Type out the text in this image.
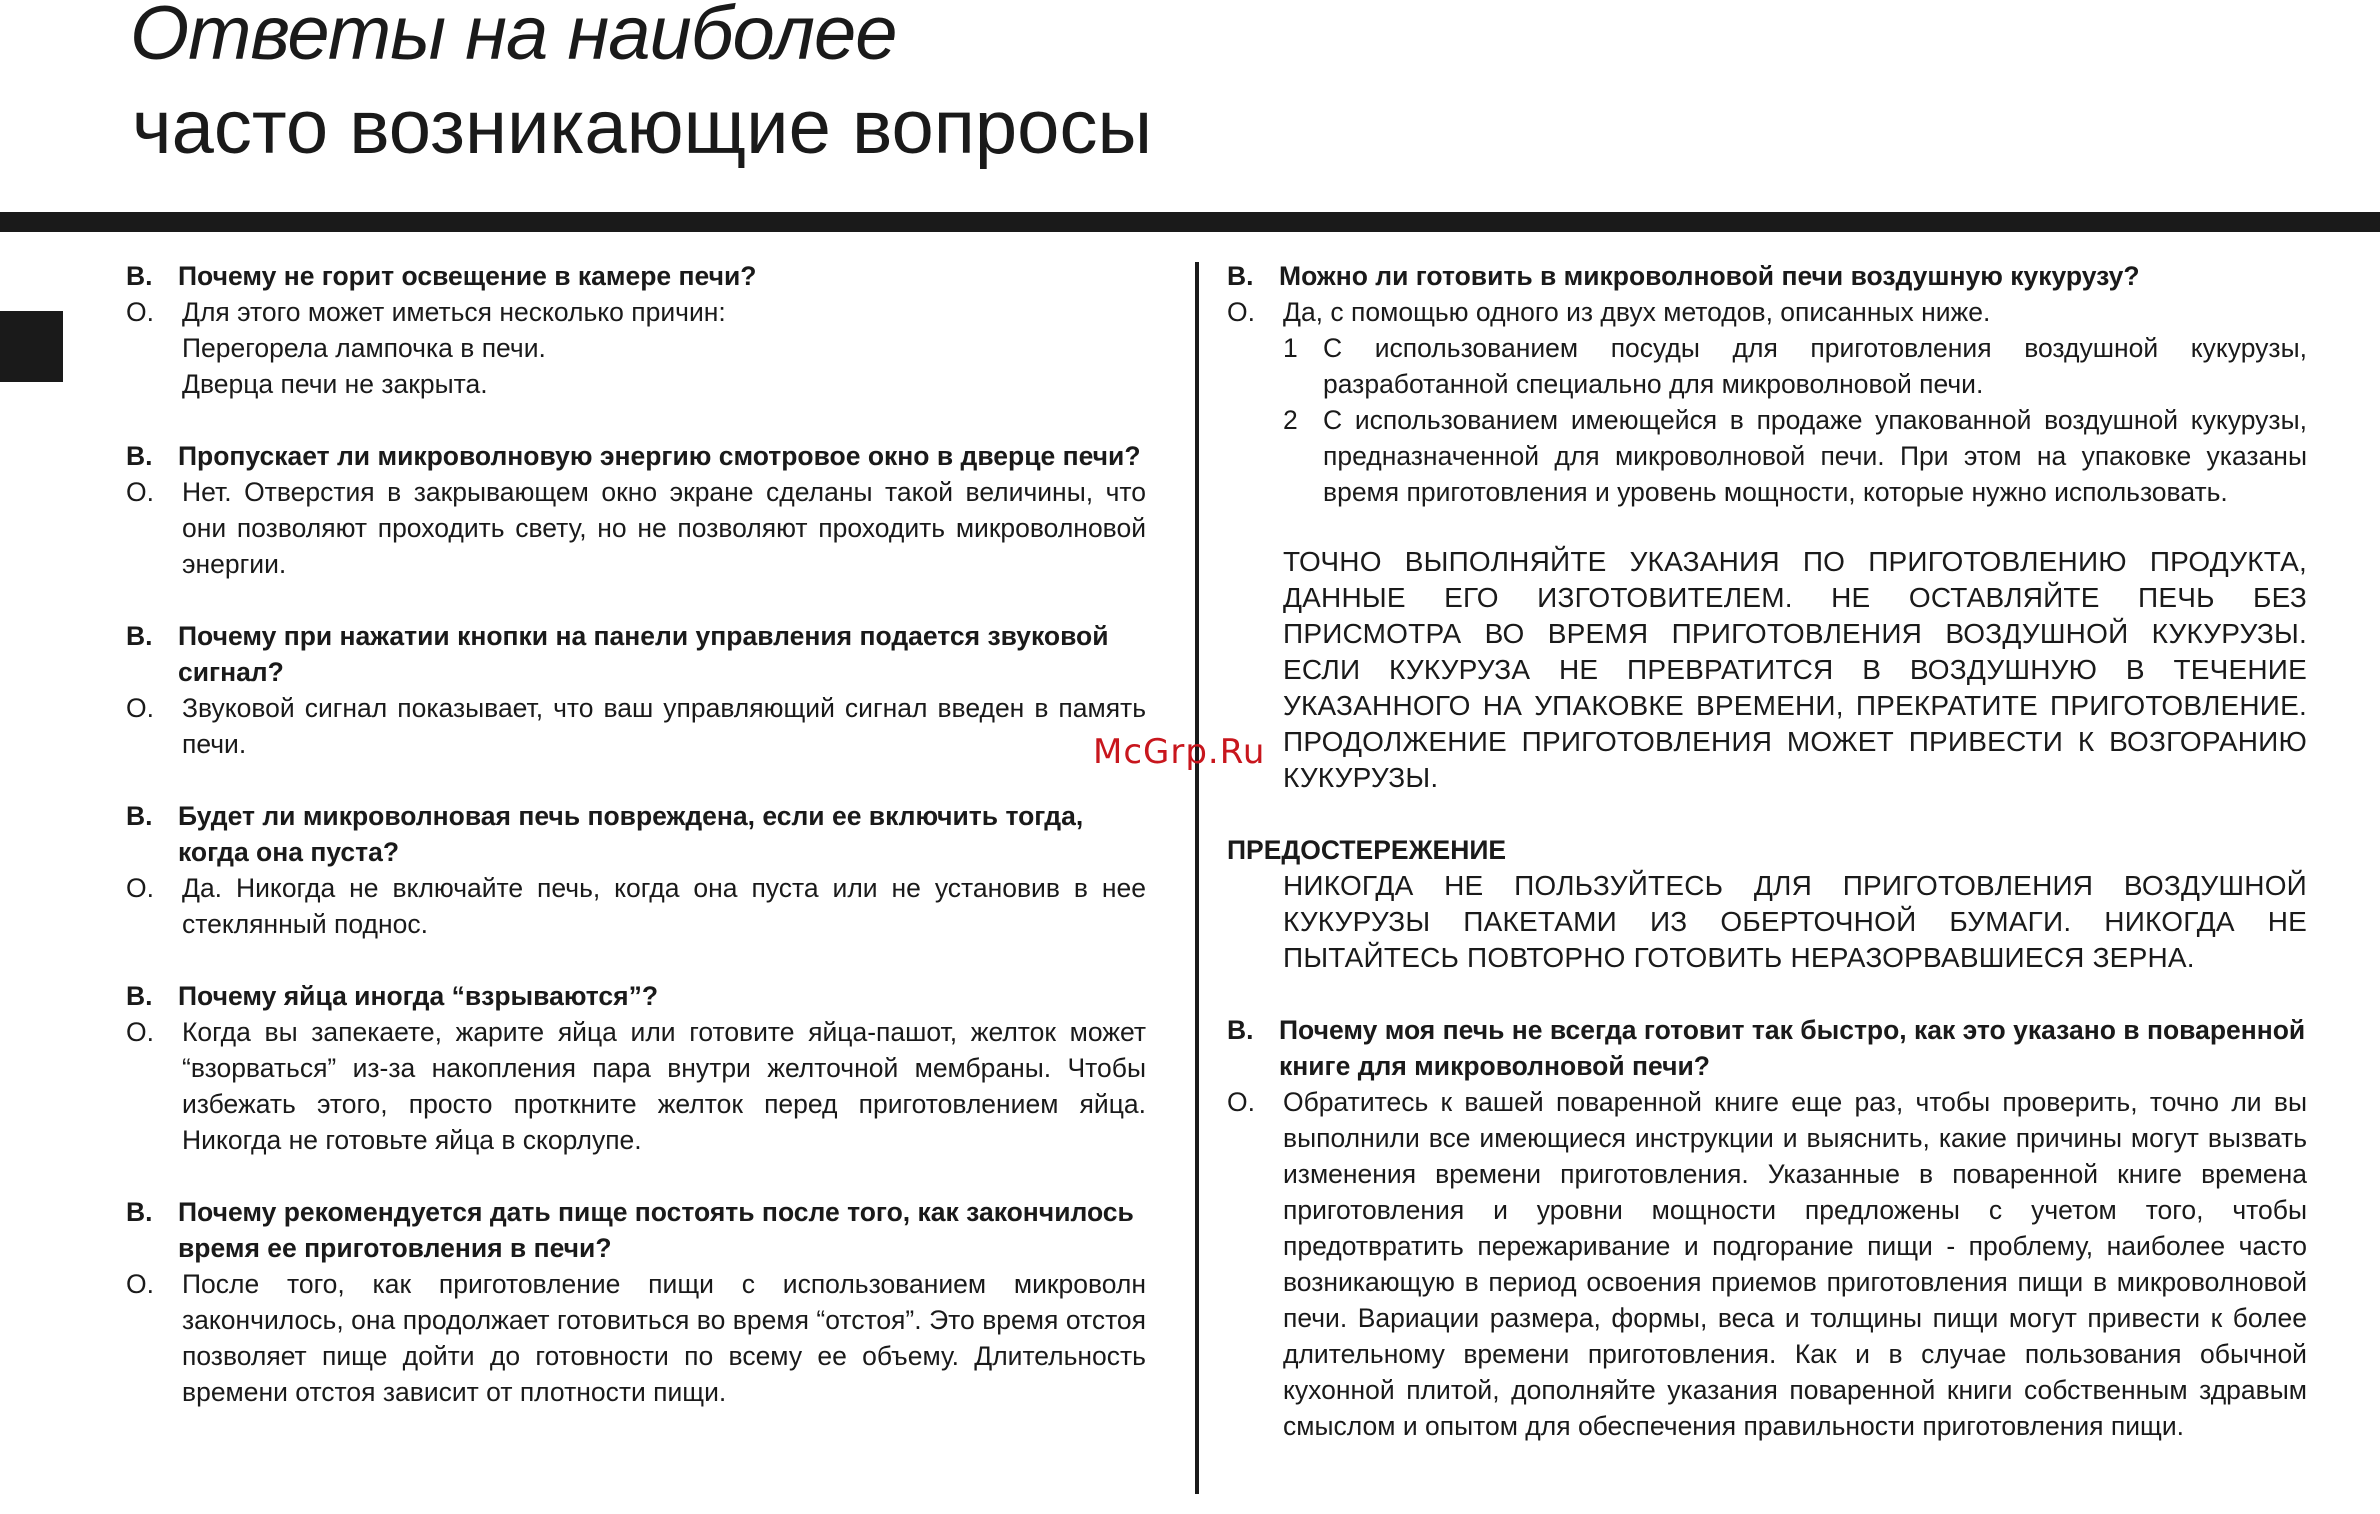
Ответы на наиболее
часто возникающие вопросы
В. Почему не горит освещение в камере печи?
О.	Для этого может иметься несколько причин:
Перегорела лампочка в печи.
Дверца печи не закрыта.
В. Пропускает ли микроволновую энергию смотровое окно в дверце печи?
О.	Нет. Отверстия в закрывающем окно экране сделаны такой величины, что они позволяют проходить свету, но не позволяют проходить микроволновой энергии.
В. Почему при нажатии кнопки на панели управления подается звуковой сигнал?
О.	Звуковой сигнал показывает, что ваш управляющий сигнал введен в память печи.
В. Будет ли микроволновая печь повреждена, если ее включить тогда, когда она пуста?
О.	Да. Никогда не включайте печь, когда она пуста или не установив в нее стеклянный поднос.
В. Почему яйца иногда “взрываются”?
О.	Когда вы запекаете, жарите яйца или готовите яйца-пашот, желток может “взорваться” из-за накопления пара внутри желточной мембраны. Чтобы избежать этого, просто проткните желток перед приготовлением яйца. Никогда не готовьте яйца в скорлупе.
В. Почему рекомендуется дать пище постоять после того, как закончилось время ее приготовления в печи?
О.	После того, как приготовление пищи с использованием микроволн закончилось, она продолжает готовиться во время “отстоя”. Это время отстоя позволяет пище дойти до готовности по всему ее объему. Длительность времени отстоя зависит от плотности пищи.
В. Можно ли готовить в микроволновой печи воздушную кукурузу?
О.	Да, с помощью одного из двух методов, описанных ниже.
1 С использованием посуды для приготовления воздушной кукурузы, разработанной специально для микроволновой печи.
2 С использованием имеющейся в продаже упакованной воздушной кукурузы, предназначенной для микроволновой печи. При этом на упаковке указаны время приготовления и уровень мощности, которые нужно использовать.
ТОЧНО ВЫПОЛНЯЙТЕ УКАЗАНИЯ ПО ПРИГОТОВЛЕНИЮ ПРОДУКТА, ДАННЫЕ ЕГО ИЗГОТОВИТЕЛЕМ. НЕ ОСТАВЛЯЙТЕ ПЕЧЬ БЕЗ ПРИСМОТРА ВО ВРЕМЯ ПРИГОТОВЛЕНИЯ ВОЗДУШНОЙ КУКУРУЗЫ. ЕСЛИ КУКУРУЗА НЕ ПРЕВРАТИТСЯ В ВОЗДУШНУЮ В ТЕЧЕНИЕ УКАЗАННОГО НА УПАКОВКЕ ВРЕМЕНИ, ПРЕКРАТИТЕ ПРИГОТОВЛЕНИЕ. ПРОДОЛЖЕНИЕ ПРИГОТОВЛЕНИЯ МОЖЕТ ПРИВЕСТИ К ВОЗГОРАНИЮ КУКУРУЗЫ.
ПРЕДОСТЕРЕЖЕНИЕ
НИКОГДА НЕ ПОЛЬЗУЙТЕСЬ ДЛЯ ПРИГОТОВЛЕНИЯ ВОЗДУШНОЙ КУКУРУЗЫ ПАКЕТАМИ ИЗ ОБЕРТОЧНОЙ БУМАГИ. НИКОГДА НЕ ПЫТАЙТЕСЬ ПОВТОРНО ГОТОВИТЬ НЕРАЗОРВАВШИЕСЯ ЗЕРНА.
В. Почему моя печь не всегда готовит так быстро, как это указано в поваренной книге для микроволновой печи?
О.	Обратитесь к вашей поваренной книге еще раз, чтобы проверить, точно ли вы выполнили все имеющиеся инструкции и выяснить, какие причины могут вызвать изменения времени приготовления. Указанные в поваренной книге времена приготовления и уровни мощности предложены с учетом того, чтобы предотвратить пережаривание и подгорание пищи - проблему, наиболее часто возникающую в период освоения приемов приготовления пищи в микроволновой печи. Вариации размера, формы, веса и толщины пищи могут привести к более длительному времени приготовления. Как и в случае пользования обычной кухонной плитой, дополняйте указания поваренной книги собственным здравым смыслом и опытом для обеспечения правильности приготовления пищи.
McGrp.Ru
